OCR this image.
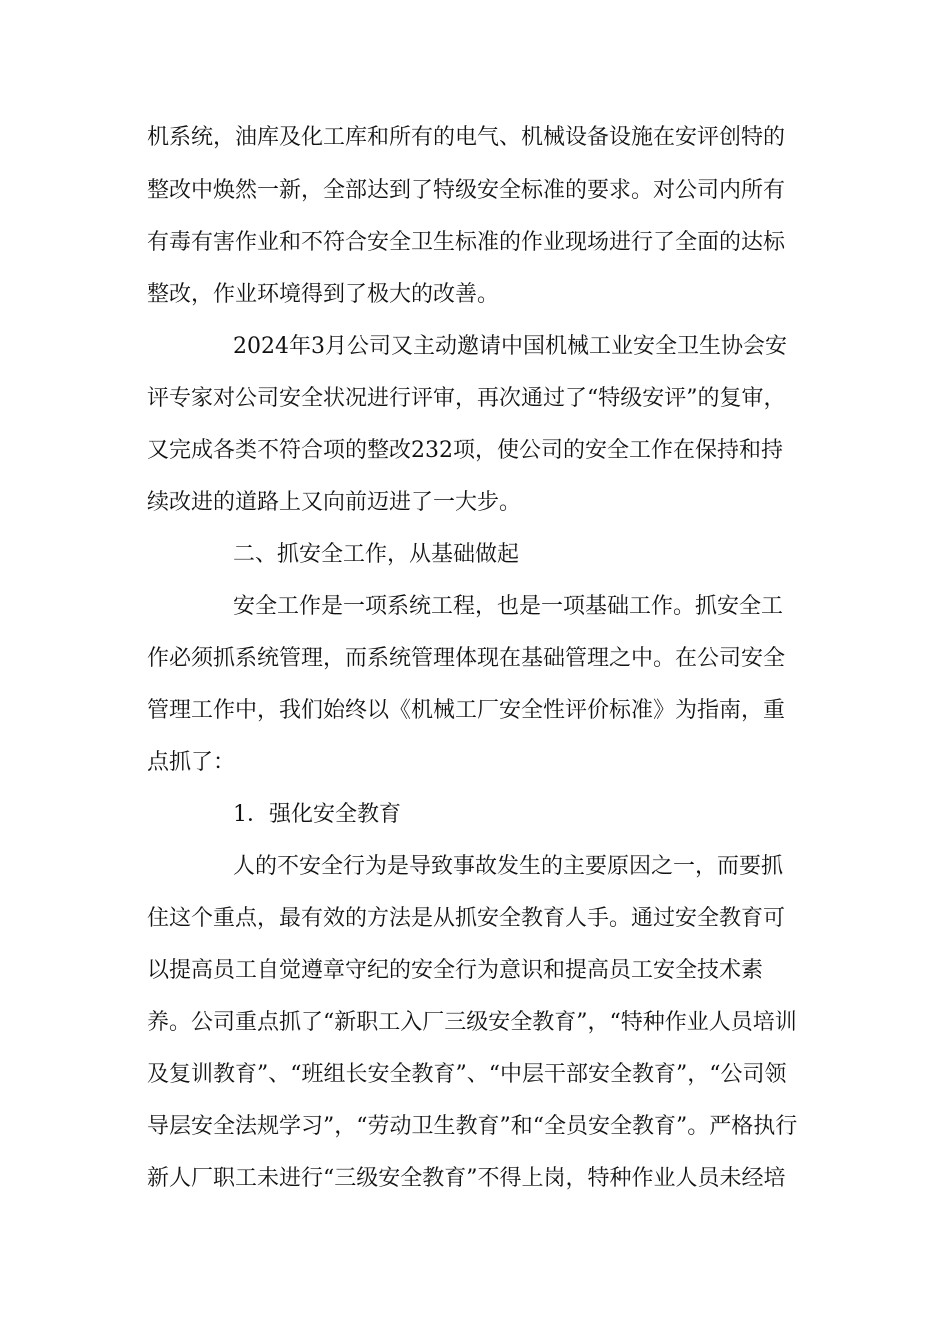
机系统，油库及化工库和所有的电气、机械设备设施在安评创特的
整改中焕然一新，全部达到了特级安全标准的要求。对公司内所有
有毒有害作业和不符合安全卫生标准的作业现场进行了全面的达标
整改，作业环境得到了极大的改善。
2024年3月公司又主动邀请中国机械工业安全卫生协会安
评专家对公司安全状况进行评审，再次通过了“特级安评”的复审，
又完成各类不符合项的整改232项，使公司的安全工作在保持和持
续改进的道路上又向前迈进了一大步。
二、抓安全工作，从基础做起
安全工作是一项系统工程，也是一项基础工作。抓安全工
作必须抓系统管理，而系统管理体现在基础管理之中。在公司安全
管理工作中，我们始终以《机械工厂安全性评价标准》为指南，重
点抓了：
1．强化安全教育
人的不安全行为是导致事故发生的主要原因之一，而要抓
住这个重点，最有效的方法是从抓安全教育人手。通过安全教育可
以提高员工自觉遵章守纪的安全行为意识和提高员工安全技术素
养。公司重点抓了“新职工入厂三级安全教育”，“特种作业人员培训
及复训教育”、“班组长安全教育”、“中层干部安全教育”，“公司领
导层安全法规学习”，“劳动卫生教育”和“全员安全教育”。严格执行
新人厂职工未进行“三级安全教育”不得上岗，特种作业人员未经培
